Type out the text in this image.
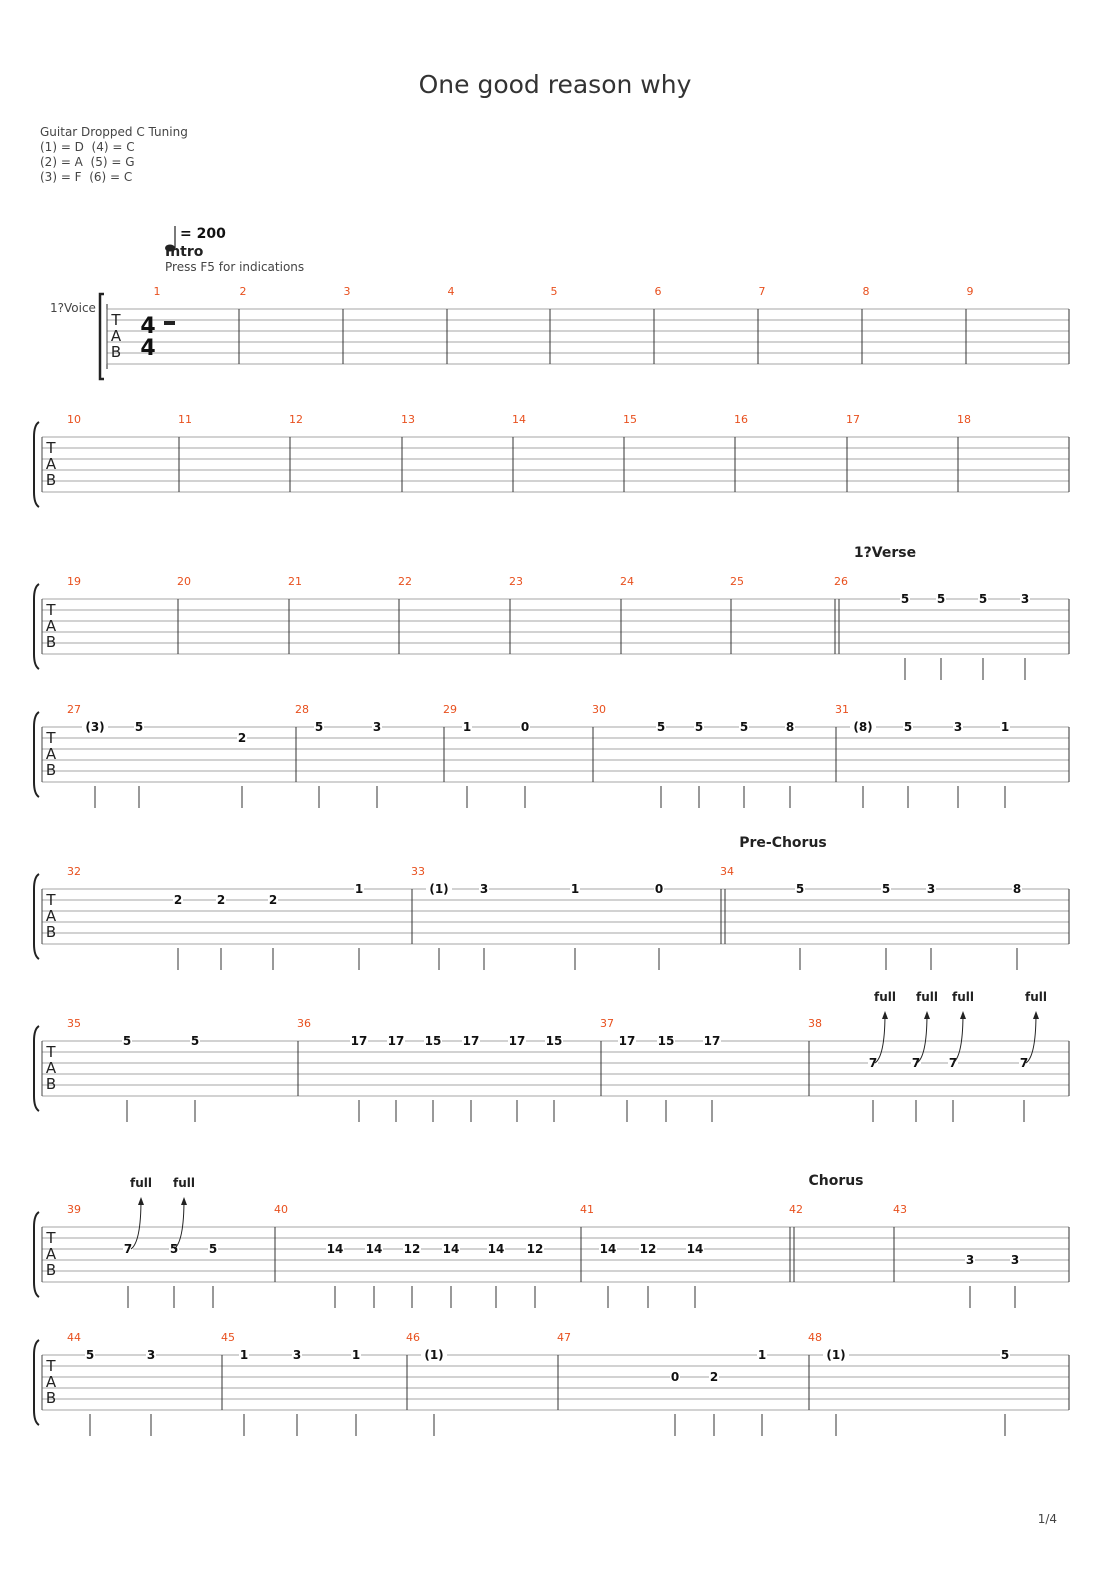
One good reason why
Guitar Dropped C Tuning
(1) = D  (4) = C
(2) = A  (5) = G
(3) = F  (6) = C
= 200
Intro
Press F5 for indications
1?Voice
1/4
T
A
B
4
4
1	2	3	4	5	6	7	8	9
T
A
B
10	11	12	13	14	15	16	17	18
T
A
B
19	20	21	22	23	24	25	26
T
A
B
27	28	29	30	31
T
A
B
32	33	34
T
A
B
35	36	37	38
T
A
B
39	40	41	42	43
T
A
B
44	45	46	47	48
5 5	5	3
(3)	5
2
5	3	1	0	5 5	5	8	(8)	5	3	1
2	2	2
1	(1)	3	1	0	5	5	3	8
5	5	17 17 15 17 17 15	17 15 17
7	7 7	7
7	5	5	14 14 12 14 14 12	14 12	14
3	3
5	3	1	3	1	(1)
0	2
1	(1)	5
1?Verse
Pre-Chorus
Chorus
full full full	full
full full
